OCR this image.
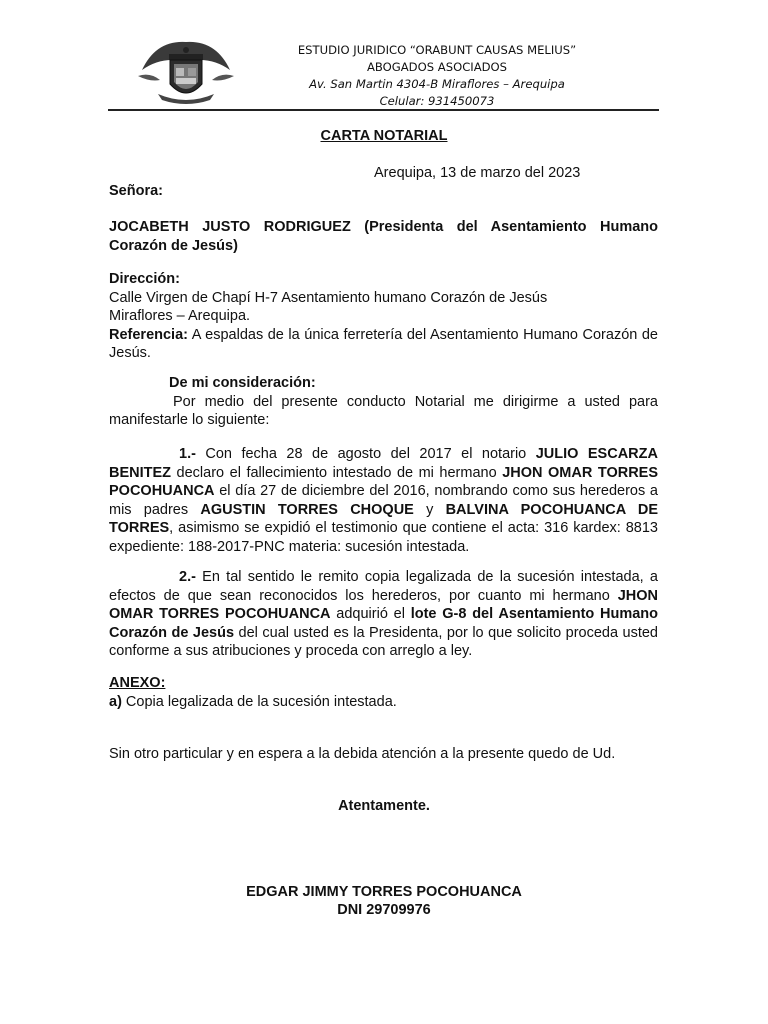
ESTUDIO JURIDICO “ORABUNT CAUSAS MELIUS”
ABOGADOS ASOCIADOS
Av. San Martin 4304-B Miraflores – Arequipa
Celular: 931450073
CARTA NOTARIAL
Arequipa, 13 de marzo del 2023
Señora:
JOCABETH JUSTO RODRIGUEZ (Presidenta del Asentamiento Humano Corazón de Jesús)
Dirección:
Calle Virgen de Chapí H-7 Asentamiento humano Corazón de Jesús
Miraflores – Arequipa.
Referencia: A espaldas de la única ferretería del Asentamiento Humano Corazón de Jesús.
De mi consideración:
Por medio del presente conducto Notarial me dirigirme a usted para manifestarle lo siguiente:
1.- Con fecha 28 de agosto del 2017 el notario JULIO ESCARZA BENITEZ declaro el fallecimiento intestado de mi hermano JHON OMAR TORRES POCOHUANCA el día 27 de diciembre del 2016, nombrando como sus herederos a mis padres AGUSTIN TORRES CHOQUE y BALVINA POCOHUANCA DE TORRES, asimismo se expidió el testimonio que contiene el acta: 316 kardex: 8813 expediente: 188-2017-PNC materia: sucesión intestada.
2.- En tal sentido le remito copia legalizada de la sucesión intestada, a efectos de que sean reconocidos los herederos, por cuanto mi hermano JHON OMAR TORRES POCOHUANCA adquirió el lote G-8 del Asentamiento Humano Corazón de Jesús del cual usted es la Presidenta, por lo que solicito proceda usted conforme a sus atribuciones y proceda con arreglo a ley.
ANEXO:
a) Copia legalizada de la sucesión intestada.
Sin otro particular y en espera a la debida atención a la presente quedo de Ud.
Atentamente.
EDGAR JIMMY TORRES POCOHUANCA
DNI 29709976
